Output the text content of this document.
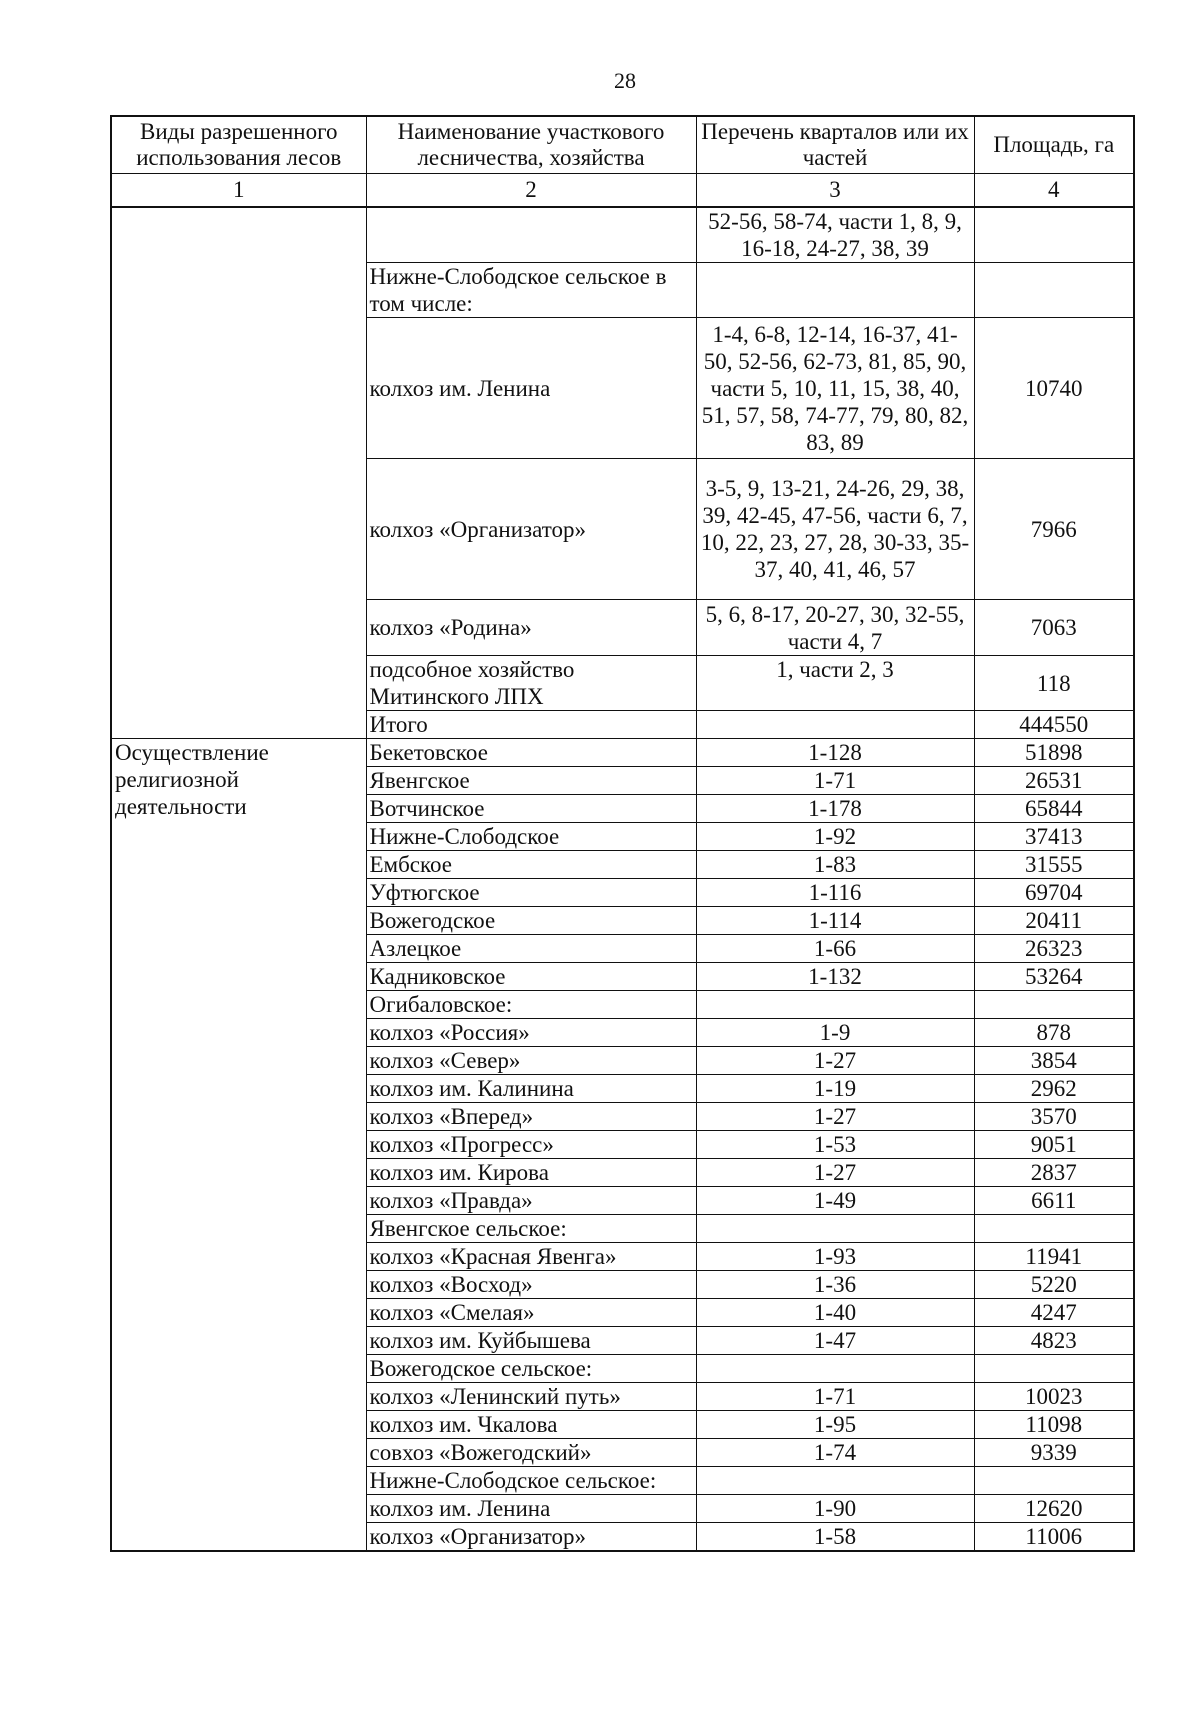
28
Виды разрешенного использования лесов	Наименование участкового лесничества, хозяйства	Перечень кварталов или их частей	Площадь, га
1	2	3	4
		52-56, 58-74, части 1, 8, 9, 16-18, 24-27, 38, 39	
	Нижне-Слободское сельское в том числе:		
	колхоз им. Ленина	1-4, 6-8, 12-14, 16-37, 41-50, 52-56, 62-73, 81, 85, 90, части 5, 10, 11, 15, 38, 40, 51, 57, 58, 74-77, 79, 80, 82, 83, 89	10740
	колхоз «Организатор»	3-5, 9, 13-21, 24-26, 29, 38, 39, 42-45, 47-56, части 6, 7, 10, 22, 23, 27, 28, 30-33, 35-37, 40, 41, 46, 57	7966
	колхоз «Родина»	5, 6, 8-17, 20-27, 30, 32-55, части 4, 7	7063
	подсобное хозяйство Митинского ЛПХ	1, части 2, 3	118
	Итого		444550
Осуществление религиозной деятельности	Бекетовское	1-128	51898
	Явенгское	1-71	26531
	Вотчинское	1-178	65844
	Нижне-Слободское	1-92	37413
	Ембское	1-83	31555
	Уфтюгское	1-116	69704
	Вожегодское	1-114	20411
	Азлецкое	1-66	26323
	Кадниковское	1-132	53264
	Огибаловское:		
	колхоз «Россия»	1-9	878
	колхоз «Север»	1-27	3854
	колхоз им. Калинина	1-19	2962
	колхоз «Вперед»	1-27	3570
	колхоз «Прогресс»	1-53	9051
	колхоз им. Кирова	1-27	2837
	колхоз «Правда»	1-49	6611
	Явенгское сельское:		
	колхоз «Красная Явенга»	1-93	11941
	колхоз «Восход»	1-36	5220
	колхоз «Смелая»	1-40	4247
	колхоз им. Куйбышева	1-47	4823
	Вожегодское сельское:		
	колхоз «Ленинский путь»	1-71	10023
	колхоз им. Чкалова	1-95	11098
	совхоз «Вожегодский»	1-74	9339
	Нижне-Слободское сельское:		
	колхоз им. Ленина	1-90	12620
	колхоз «Организатор»	1-58	11006
